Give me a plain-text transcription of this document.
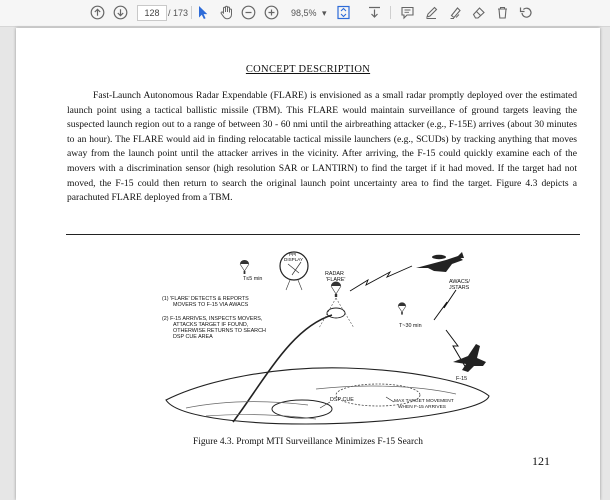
128 / 173	98,5% ▾
CONCEPT DESCRIPTION
Fast-Launch Autonomous Radar Expendable (FLARE) is envisioned as a small radar promptly deployed over the estimated launch point using a tactical ballistic missile (TBM). This FLARE would maintain surveillance of ground targets leaving the suspected launch region out to a range of between 30 - 60 nmi until the airbreathing attacker (e.g., F-15E) arrives (about 30 minutes to an hour). The FLARE would aid in finding relocatable tactical missile launchers (e.g., SCUDs) by tracking anything that moves away from the launch point until the attacker arrives in the vicinity. After arriving, the F-15 could quickly examine each of the movers with a discrimination sensor (high resolution SAR or LANTIRN) to find the target if it had moved. If the target had not moved, the F-15 could then return to search the original launch point uncertainty area to find the target. Figure 4.3 depicts a parachuted FLARE deployed from a TBM.
T≤5 min
PPI
DISPLAY
RADAR
'FLARE'	AWACS/
JSTARS
T~30 min
F-15
(1) 'FLARE' DETECTS & REPORTS
MOVERS TO F-15 VIA AWACS
(2) F-15 ARRIVES, INSPECTS MOVERS,
ATTACKS TARGET IF FOUND,
OTHERWISE RETURNS TO SEARCH
DSP CUE AREA
DSP CUE	MAX TARGET MOVEMENT
WHEN F-15 ARRIVES
Figure 4.3. Prompt MTI Surveillance Minimizes F-15 Search
121
